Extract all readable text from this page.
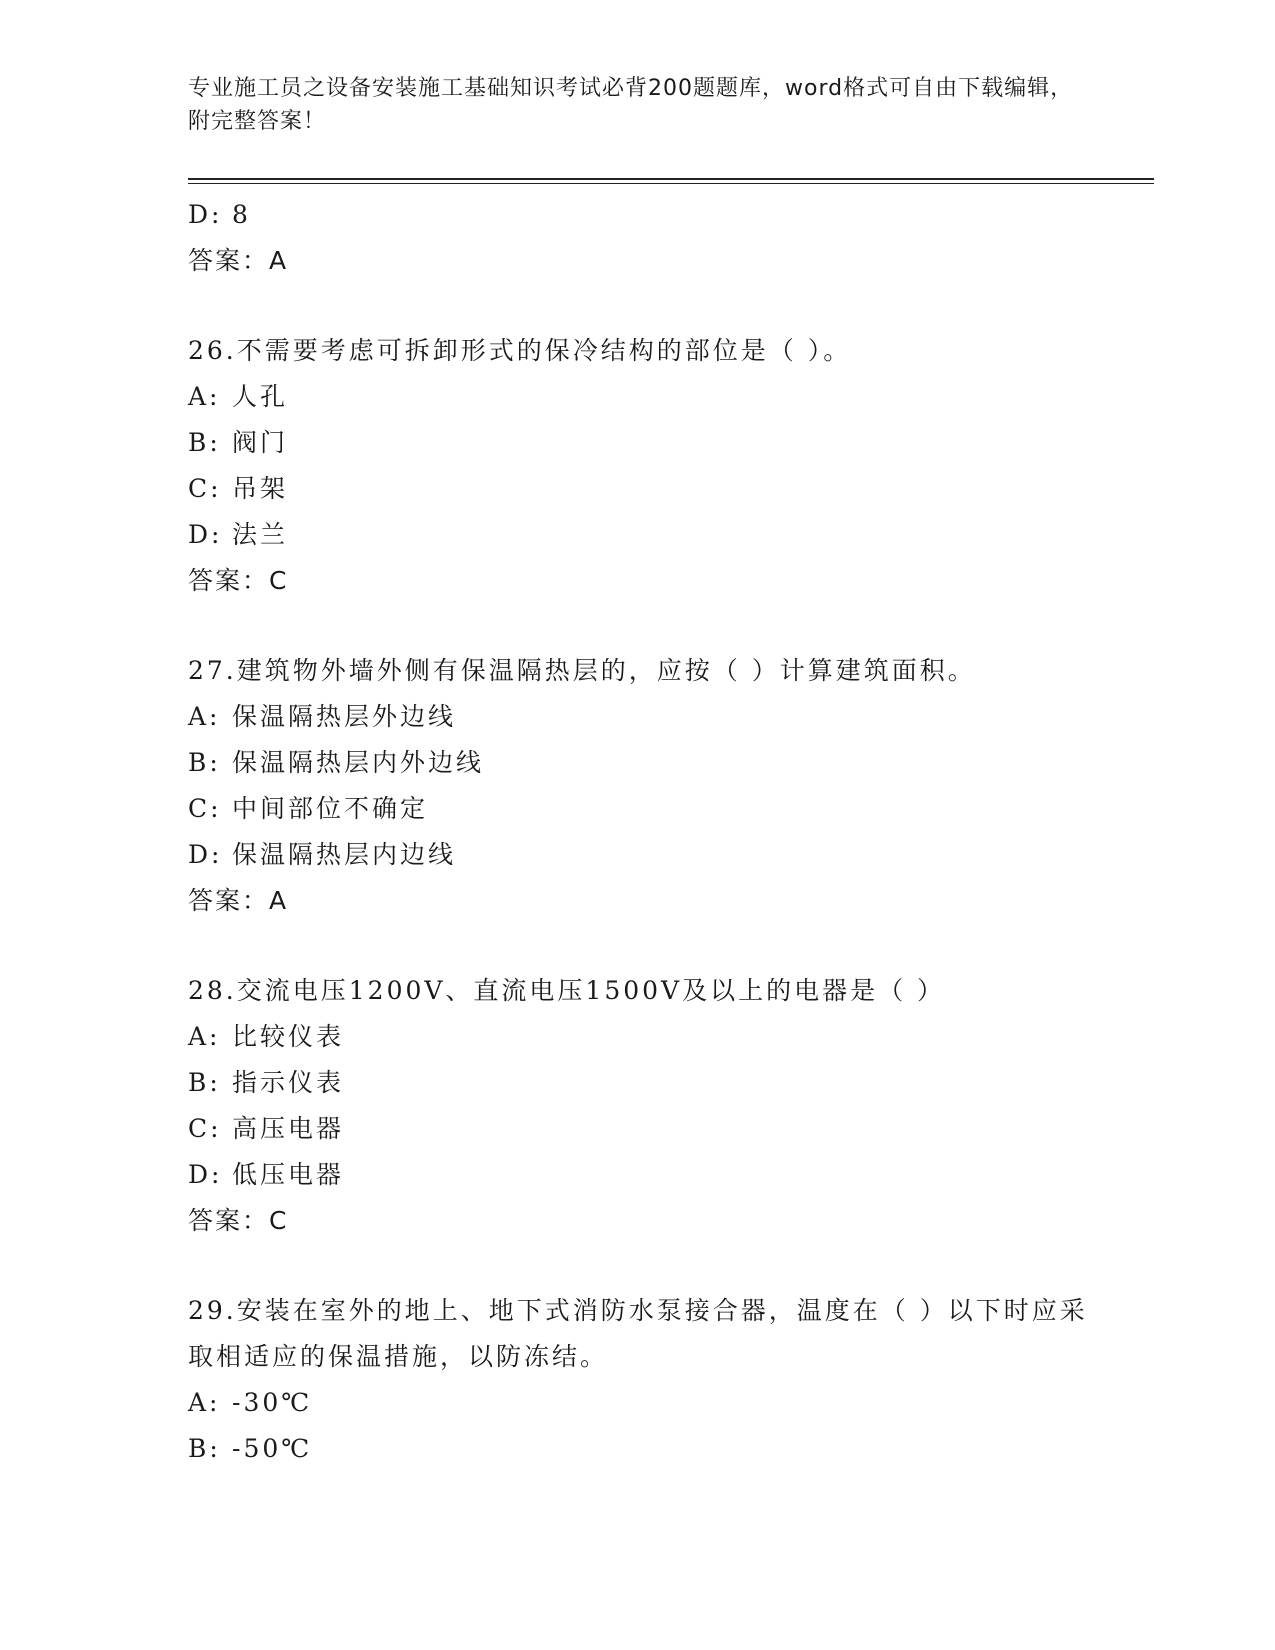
专业施工员之设备安装施工基础知识考试必背200题题库，word格式可自由下载编辑，附完整答案！
D: 8
答案：A
26.不需要考虑可拆卸形式的保冷结构的部位是（ ）。
A: 人孔
B: 阀门
C: 吊架
D: 法兰
答案：C
27.建筑物外墙外侧有保温隔热层的，应按（ ）计算建筑面积。
A: 保温隔热层外边线
B: 保温隔热层内外边线
C: 中间部位不确定
D: 保温隔热层内边线
答案：A
28.交流电压1200V、直流电压1500V及以上的电器是（ ）
A: 比较仪表
B: 指示仪表
C: 高压电器
D: 低压电器
答案：C
29.安装在室外的地上、地下式消防水泵接合器，温度在（ ）以下时应采取相适应的保温措施，以防冻结。
A: -30℃
B: -50℃
